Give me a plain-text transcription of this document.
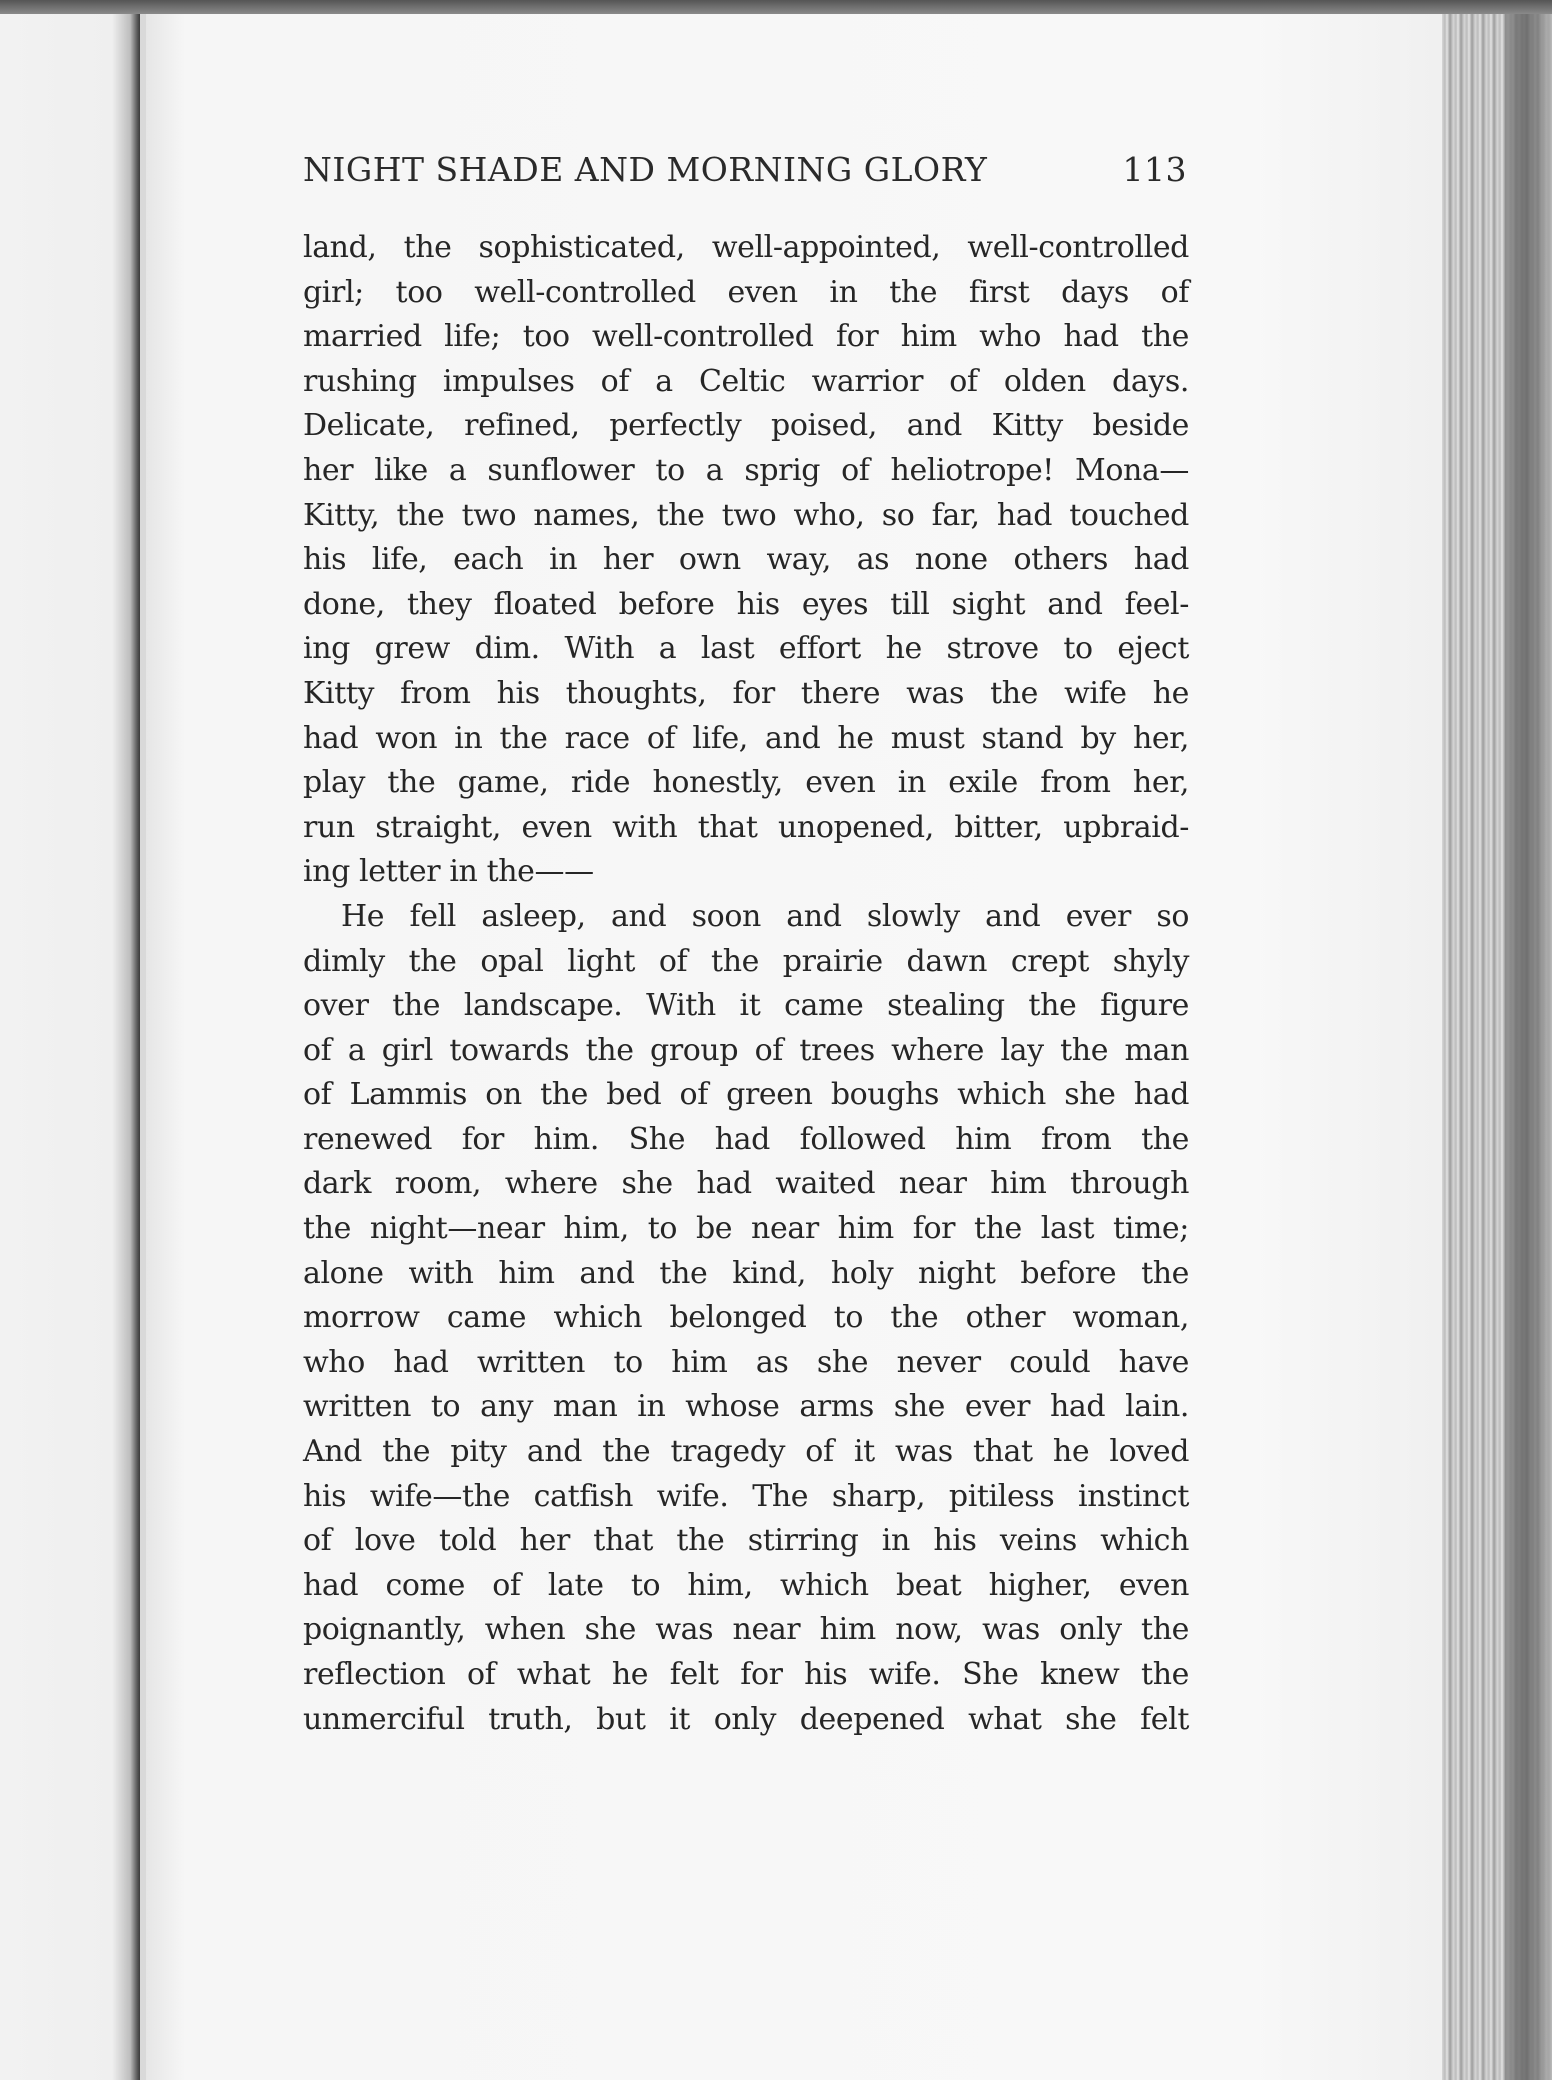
NIGHT SHADE AND MORNING GLORY	113
land, the sophisticated, well-appointed, well-controlled
girl; too well-controlled even in the first days of
married life; too well-controlled for him who had the
rushing impulses of a Celtic warrior of olden days.
Delicate, refined, perfectly poised, and Kitty beside
her like a sunflower to a sprig of heliotrope! Mona—
Kitty, the two names, the two who, so far, had touched
his life, each in her own way, as none others had
done, they floated before his eyes till sight and feel-
ing grew dim. With a last effort he strove to eject
Kitty from his thoughts, for there was the wife he
had won in the race of life, and he must stand by her,
play the game, ride honestly, even in exile from her,
run straight, even with that unopened, bitter, upbraid-
ing letter in the——
He fell asleep, and soon and slowly and ever so
dimly the opal light of the prairie dawn crept shyly
over the landscape. With it came stealing the figure
of a girl towards the group of trees where lay the man
of Lammis on the bed of green boughs which she had
renewed for him. She had followed him from the
dark room, where she had waited near him through
the night—near him, to be near him for the last time;
alone with him and the kind, holy night before the
morrow came which belonged to the other woman,
who had written to him as she never could have
written to any man in whose arms she ever had lain.
And the pity and the tragedy of it was that he loved
his wife—the catfish wife. The sharp, pitiless instinct
of love told her that the stirring in his veins which
had come of late to him, which beat higher, even
poignantly, when she was near him now, was only the
reflection of what he felt for his wife. She knew the
unmerciful truth, but it only deepened what she felt
